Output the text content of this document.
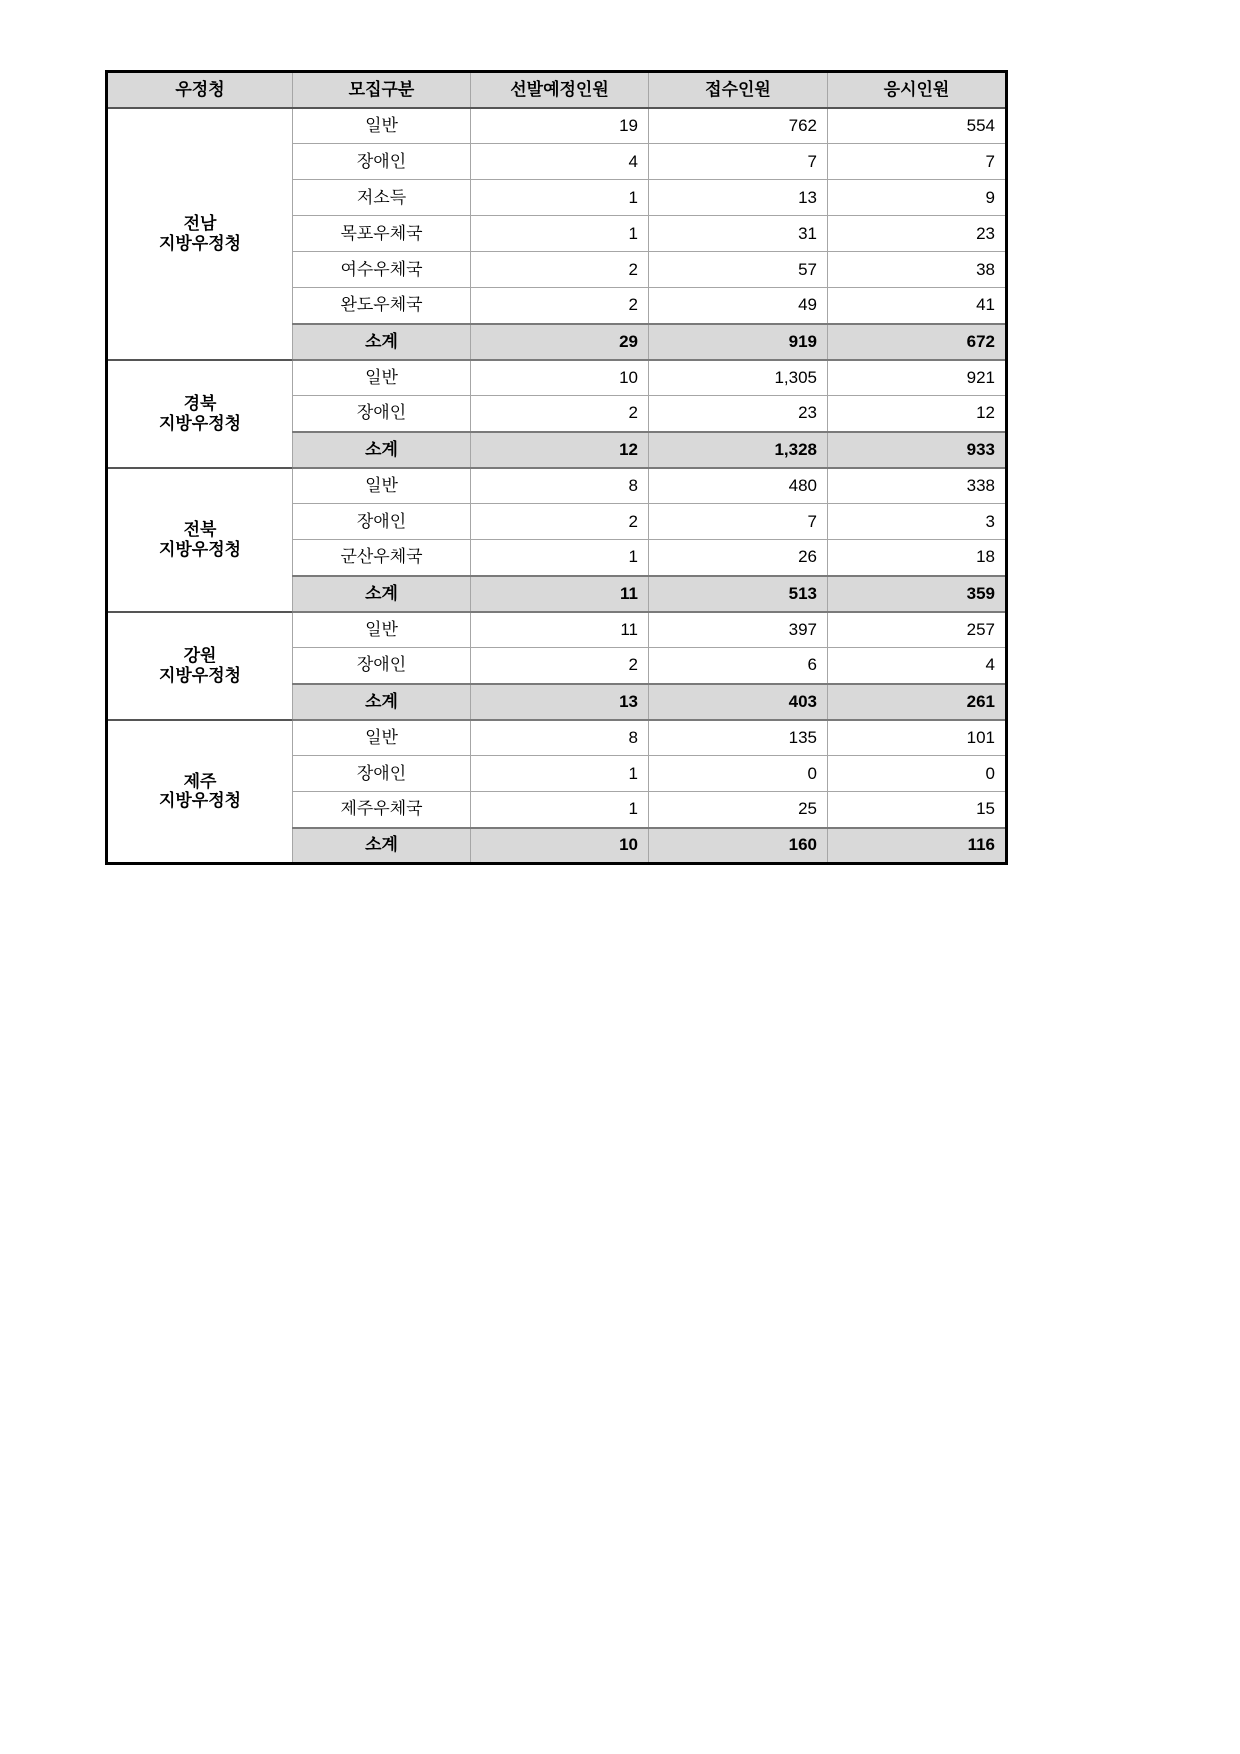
우정청	모집구분	선발예정인원	접수인원	응시인원
전남
지방우정청	일반	19	762	554
	장애인	4	7	7
	저소득	1	13	9
	목포우체국	1	31	23
	여수우체국	2	57	38
	완도우체국	2	49	41
	소계	29	919	672
경북
지방우정청	일반	10	1,305	921
	장애인	2	23	12
	소계	12	1,328	933
전북
지방우정청	일반	8	480	338
	장애인	2	7	3
	군산우체국	1	26	18
	소계	11	513	359
강원
지방우정청	일반	11	397	257
	장애인	2	6	4
	소계	13	403	261
제주
지방우정청	일반	8	135	101
	장애인	1	0	0
	제주우체국	1	25	15
	소계	10	160	116
